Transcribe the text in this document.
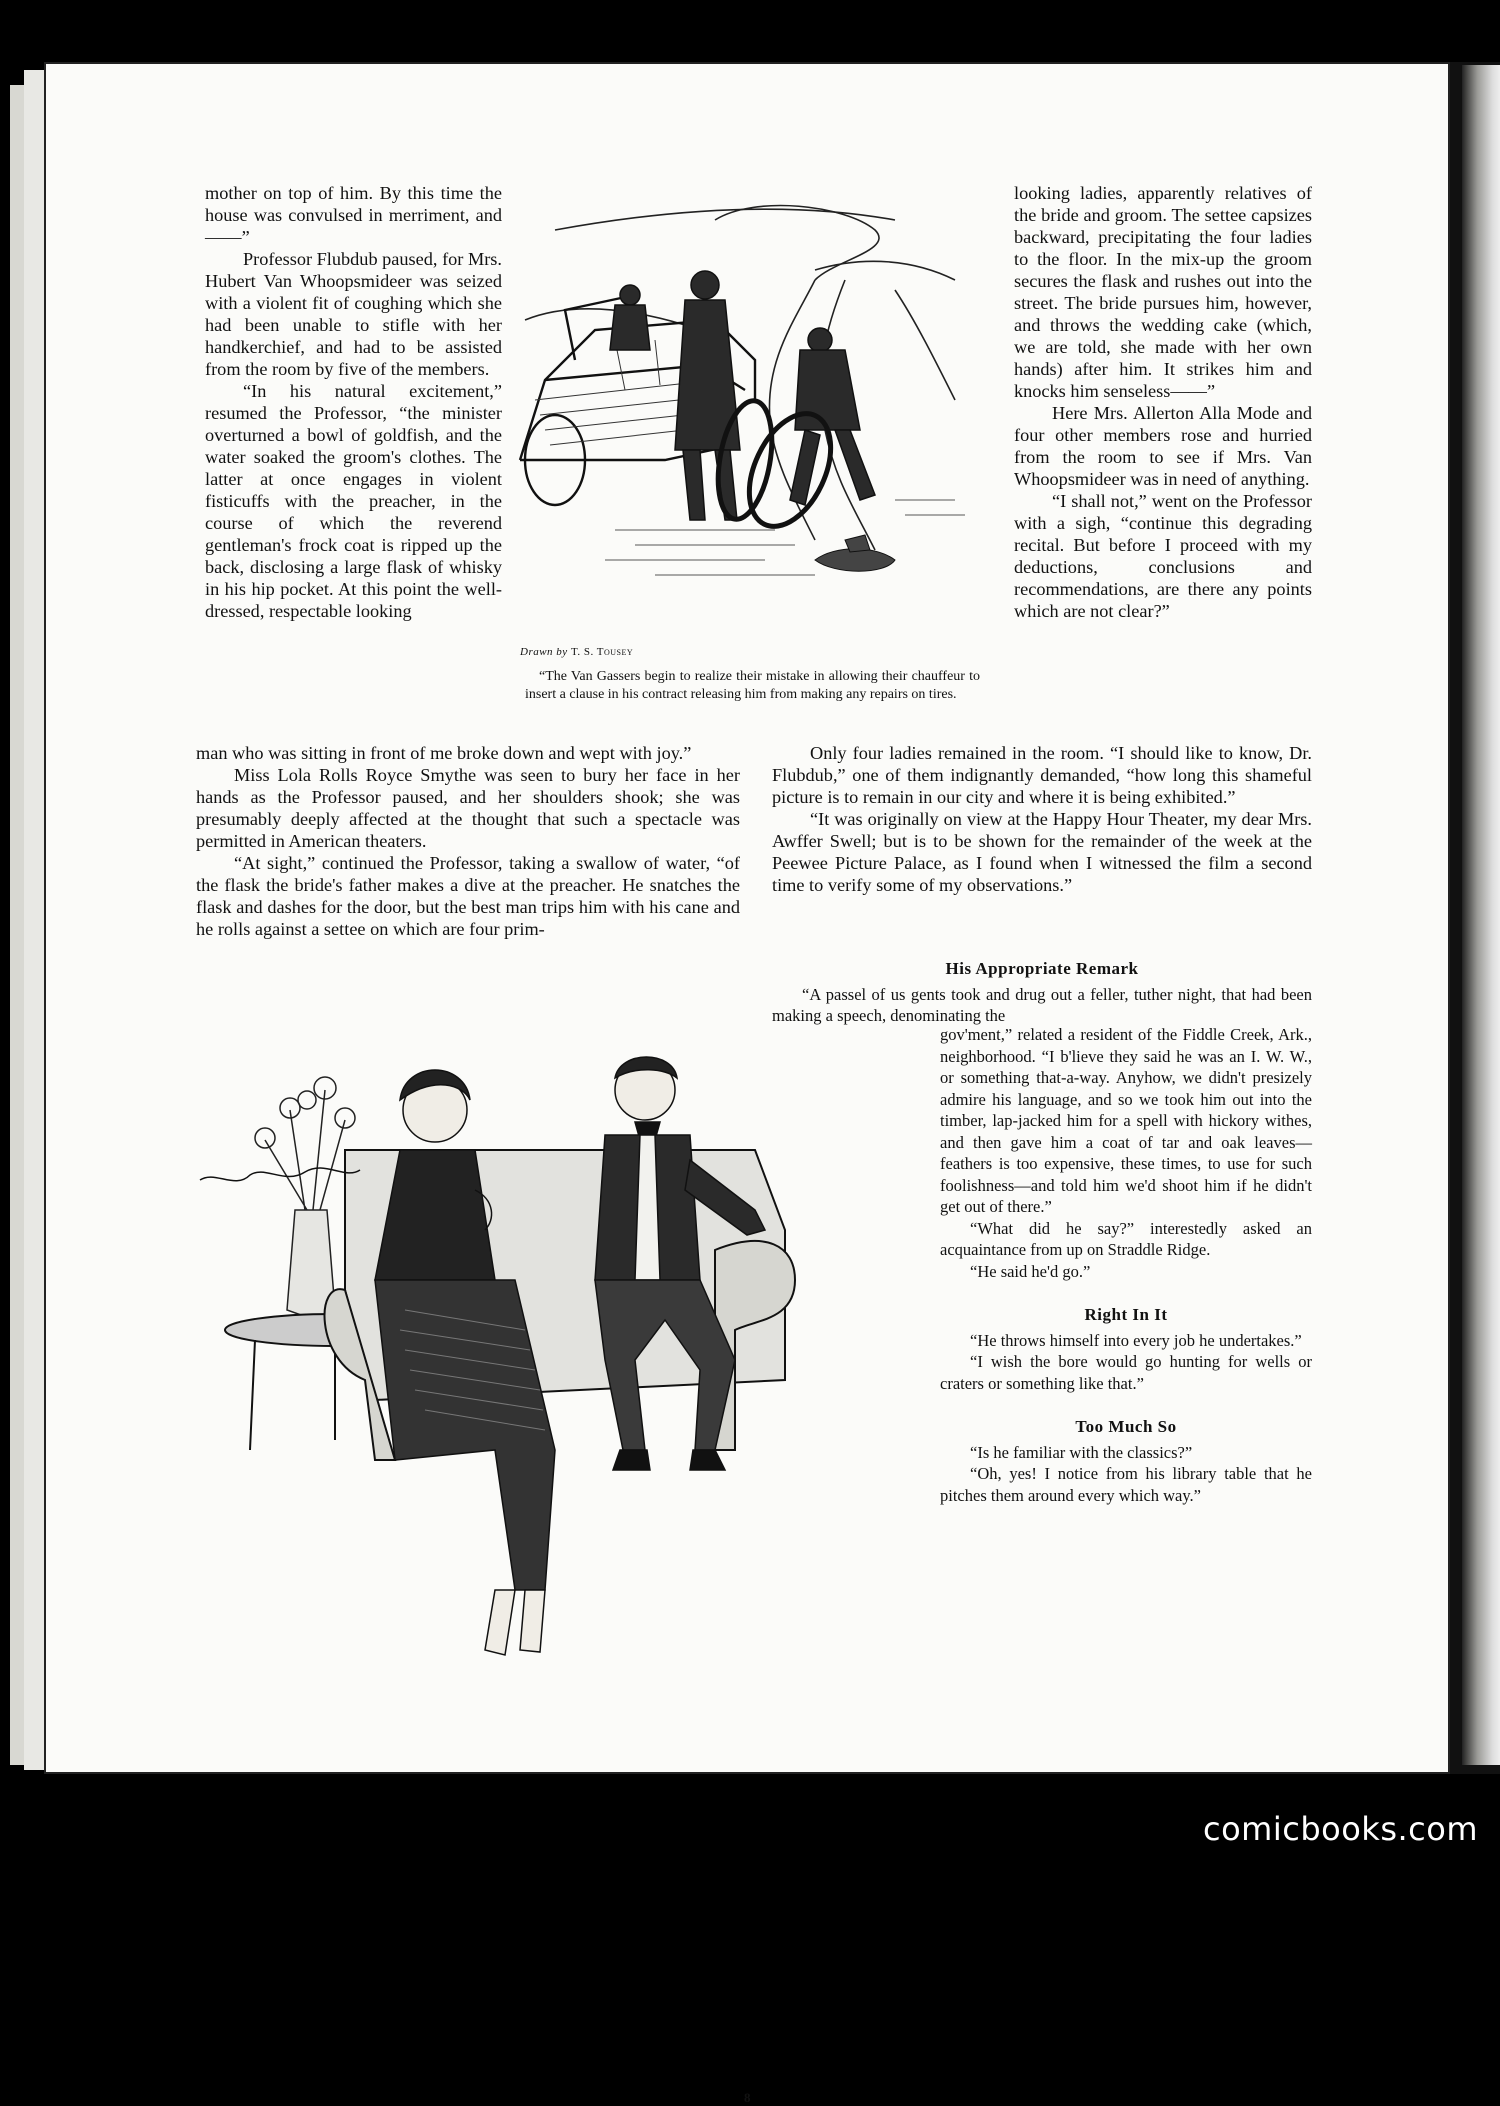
mother on top of him. By this time the house was convulsed in merriment, and——”

Professor Flubdub paused, for Mrs. Hubert Van Whoopsmideer was seized with a violent fit of coughing which she had been unable to stifle with her handkerchief, and had to be assisted from the room by five of the members.

“In his natural excitement,” resumed the Professor, “the minister overturned a bowl of goldfish, and the water soaked the groom's clothes. The latter at once engages in violent fisticuffs with the preacher, in the course of which the reverend gentleman's frock coat is ripped up the back, disclosing a large flask of whisky in his hip pocket. At this point the well-dressed, respectable looking

Drawn by T. S. Tousey
“The Van Gassers begin to realize their mistake in allowing their chauffeur to insert a clause in his contract releasing him from making any repairs on tires.

looking ladies, apparently relatives of the bride and groom. The settee capsizes backward, precipitating the four ladies to the floor. In the mix-up the groom secures the flask and rushes out into the street. The bride pursues him, however, and throws the wedding cake (which, we are told, she made with her own hands) after him. It strikes him and knocks him senseless——”

Here Mrs. Allerton Alla Mode and four other members rose and hurried from the room to see if Mrs. Van Whoopsmideer was in need of anything.

“I shall not,” went on the Professor with a sigh, “continue this degrading recital. But before I proceed with my deductions, conclusions and recommendations, are there any points which are not clear?”

man who was sitting in front of me broke down and wept with joy.”

Miss Lola Rolls Royce Smythe was seen to bury her face in her hands as the Professor paused, and her shoulders shook; she was presumably deeply affected at the thought that such a spectacle was permitted in American theaters.

“At sight,” continued the Professor, taking a swallow of water, “of the flask the bride's father makes a dive at the preacher. He snatches the flask and dashes for the door, but the best man trips him with his cane and he rolls against a settee on which are four prim-

Only four ladies remained in the room. “I should like to know, Dr. Flubdub,” one of them indignantly demanded, “how long this shameful picture is to remain in our city and where it is being exhibited.”

“It was originally on view at the Happy Hour Theater, my dear Mrs. Awffer Swell; but is to be shown for the remainder of the week at the Peewee Picture Palace, as I found when I witnessed the film a second time to verify some of my observations.”

His Appropriate Remark

“A passel of us gents took and drug out a feller, tuther night, that had been making a speech, denominating the

gov'ment,” related a resident of the Fiddle Creek, Ark., neighborhood. “I b'lieve they said he was an I. W. W., or something that-a-way. Anyhow, we didn't presizely admire his language, and so we took him out into the timber, lap-jacked him for a spell with hickory withes, and then gave him a coat of tar and oak leaves—feathers is too expensive, these times, to use for such foolishness—and told him we'd shoot him if he didn't get out of there.”

“What did he say?” interestedly asked an acquaintance from up on Straddle Ridge.

“He said he'd go.”

Right In It

“He throws himself into every job he undertakes.”

“I wish the bore would go hunting for wells or craters or something like that.”

Too Much So

“Is he familiar with the classics?”

“Oh, yes! I notice from his library table that he pitches them around every which way.”

8
comicbooks.com
